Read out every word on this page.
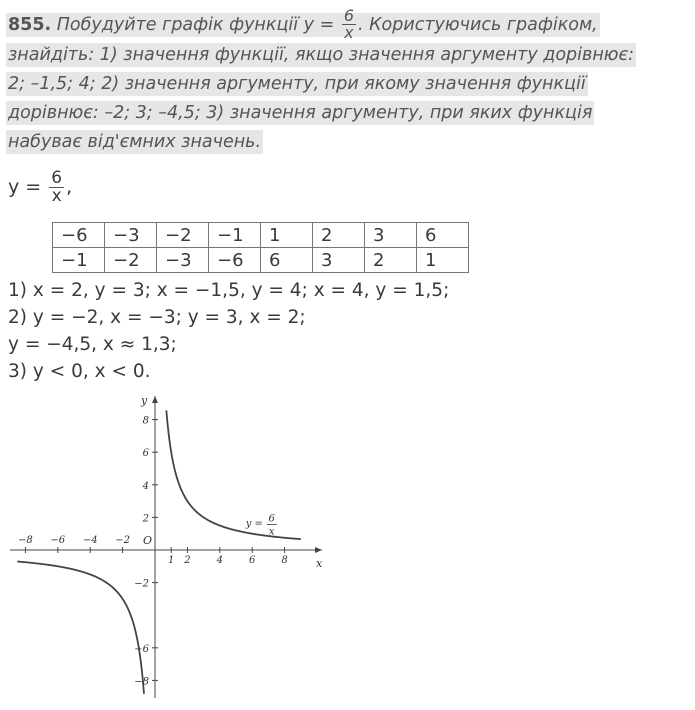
855. Побудуйте графік функції $y = \frac{6}{x}$ . Користуючись графіком,
знайдіть: 1) значення функції, якщо значення аргументу дорівнює:
2; –1,5; 4; 2) значення аргументу, при якому значення функції
дорівнює: –2; 3; –4,5; 3) значення аргументу, при яких функція
набуває від'ємних значень.
$y = \frac{6}{x}$ ,
−6	−3	−2	−1	1	2	3	6
−1	−2	−3	−6	6	3	2	1
1) x = 2, y = 3; x = −1,5, y = 4; x = 4, y = 1,5;
2) y = −2, x = −3; y = 3, x = 2;
y = −4,5, x ≈ 1,3;
3) y < 0, x < 0.
−8 −6 −4 −2
1 2	4	6	8
8
6
4
2
−2
−6
−8
x
y
O
y = 6
x
